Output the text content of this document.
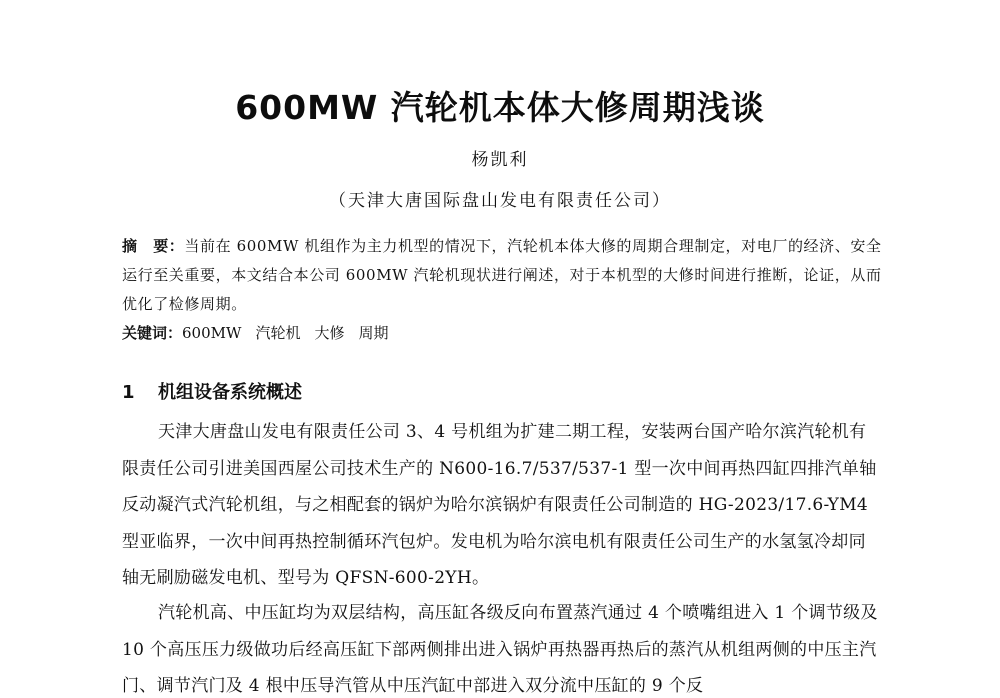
600MW 汽轮机本体大修周期浅谈

杨凯利

（天津大唐国际盘山发电有限责任公司）

摘　要：当前在 600MW 机组作为主力机型的情况下，汽轮机本体大修的周期合理制定，对电厂的经济、安全运行至关重要，本文结合本公司 600MW 汽轮机现状进行阐述，对于本机型的大修时间进行推断，论证，从而优化了检修周期。

关键词：600MW 汽轮机 大修 周期

1 机组设备系统概述

天津大唐盘山发电有限责任公司 3、4 号机组为扩建二期工程，安装两台国产哈尔滨汽轮机有限责任公司引进美国西屋公司技术生产的 N600-16.7/537/537-1 型一次中间再热四缸四排汽单轴反动凝汽式汽轮机组，与之相配套的锅炉为哈尔滨锅炉有限责任公司制造的 HG-2023/17.6-YM4 型亚临界，一次中间再热控制循环汽包炉。发电机为哈尔滨电机有限责任公司生产的水氢氢冷却同轴无刷励磁发电机、型号为 QFSN-600-2YH。

汽轮机高、中压缸均为双层结构，高压缸各级反向布置蒸汽通过 4 个喷嘴组进入 1 个调节级及 10 个高压压力级做功后经高压缸下部两侧排出进入锅炉再热器再热后的蒸汽从机组两侧的中压主汽门、调节汽门及 4 根中压导汽管从中压汽缸中部进入双分流中压缸的 9 个反
